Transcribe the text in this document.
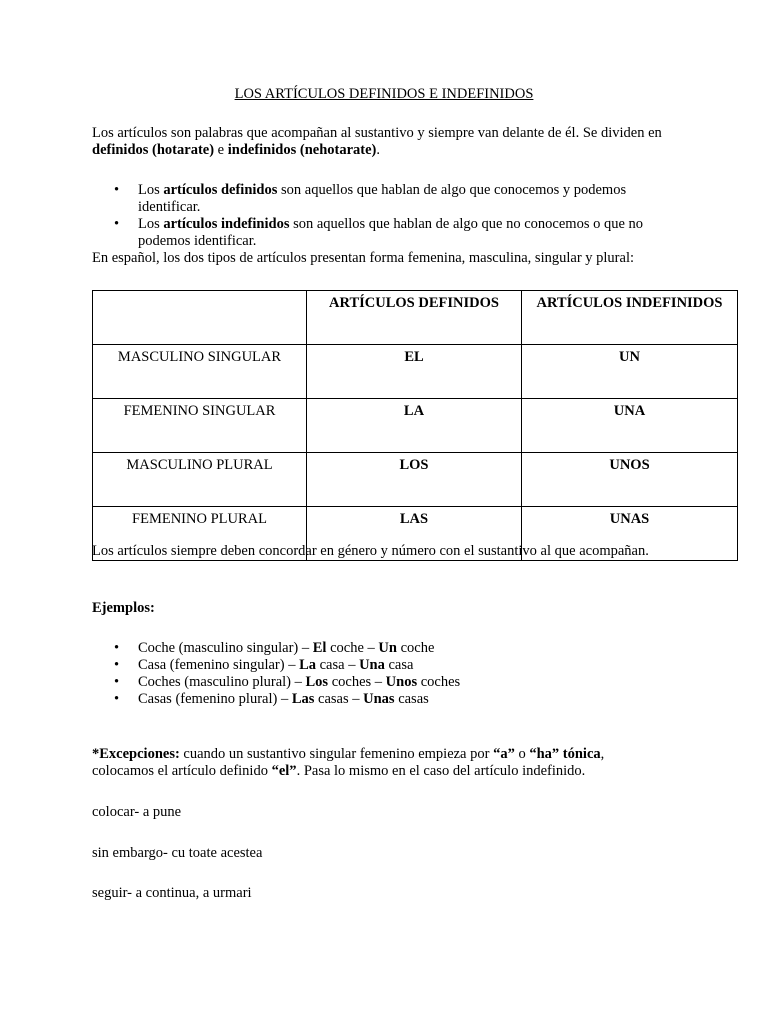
LOS ARTÍCULOS DEFINIDOS E INDEFINIDOS

Los artículos son palabras que acompañan al sustantivo y siempre van delante de él. Se dividen en definidos (hotarate) e indefinidos (nehotarate).

• Los artículos definidos son aquellos que hablan de algo que conocemos y podemos identificar.
• Los artículos indefinidos son aquellos que hablan de algo que no conocemos o que no podemos identificar.
En español, los dos tipos de artículos presentan forma femenina, masculina, singular y plural:
	ARTÍCULOS DEFINIDOS	ARTÍCULOS INDEFINIDOS
MASCULINO SINGULAR	EL	UN
FEMENINO SINGULAR	LA	UNA
MASCULINO PLURAL	LOS	UNOS
FEMENINO PLURAL	LAS	UNAS
Los artículos siempre deben concordar en género y número con el sustantivo al que acompañan.
Ejemplos:
• Coche (masculino singular) – El coche – Un coche
• Casa (femenino singular) – La casa – Una casa
• Coches (masculino plural) – Los coches – Unos coches
• Casas (femenino plural) – Las casas – Unas casas

*Excepciones: cuando un sustantivo singular femenino empieza por “a” o “ha” tónica, colocamos el artículo definido “el”. Pasa lo mismo en el caso del artículo indefinido.

colocar- a pune
sin embargo- cu toate acestea
seguir- a continua, a urmari
